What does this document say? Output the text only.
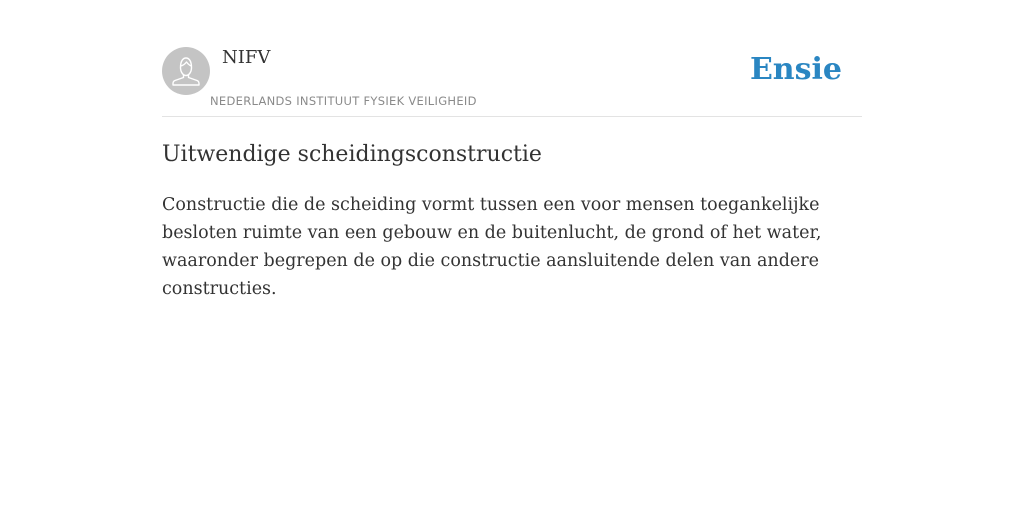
NIFV
NEDERLANDS INSTITUUT FYSIEK VEILIGHEID
Ensie
Uitwendige scheidingsconstructie

Constructie die de scheiding vormt tussen een voor mensen toegankelijke besloten ruimte van een gebouw en de buitenlucht, de grond of het water, waaronder begrepen de op die constructie aansluitende delen van andere constructies.
